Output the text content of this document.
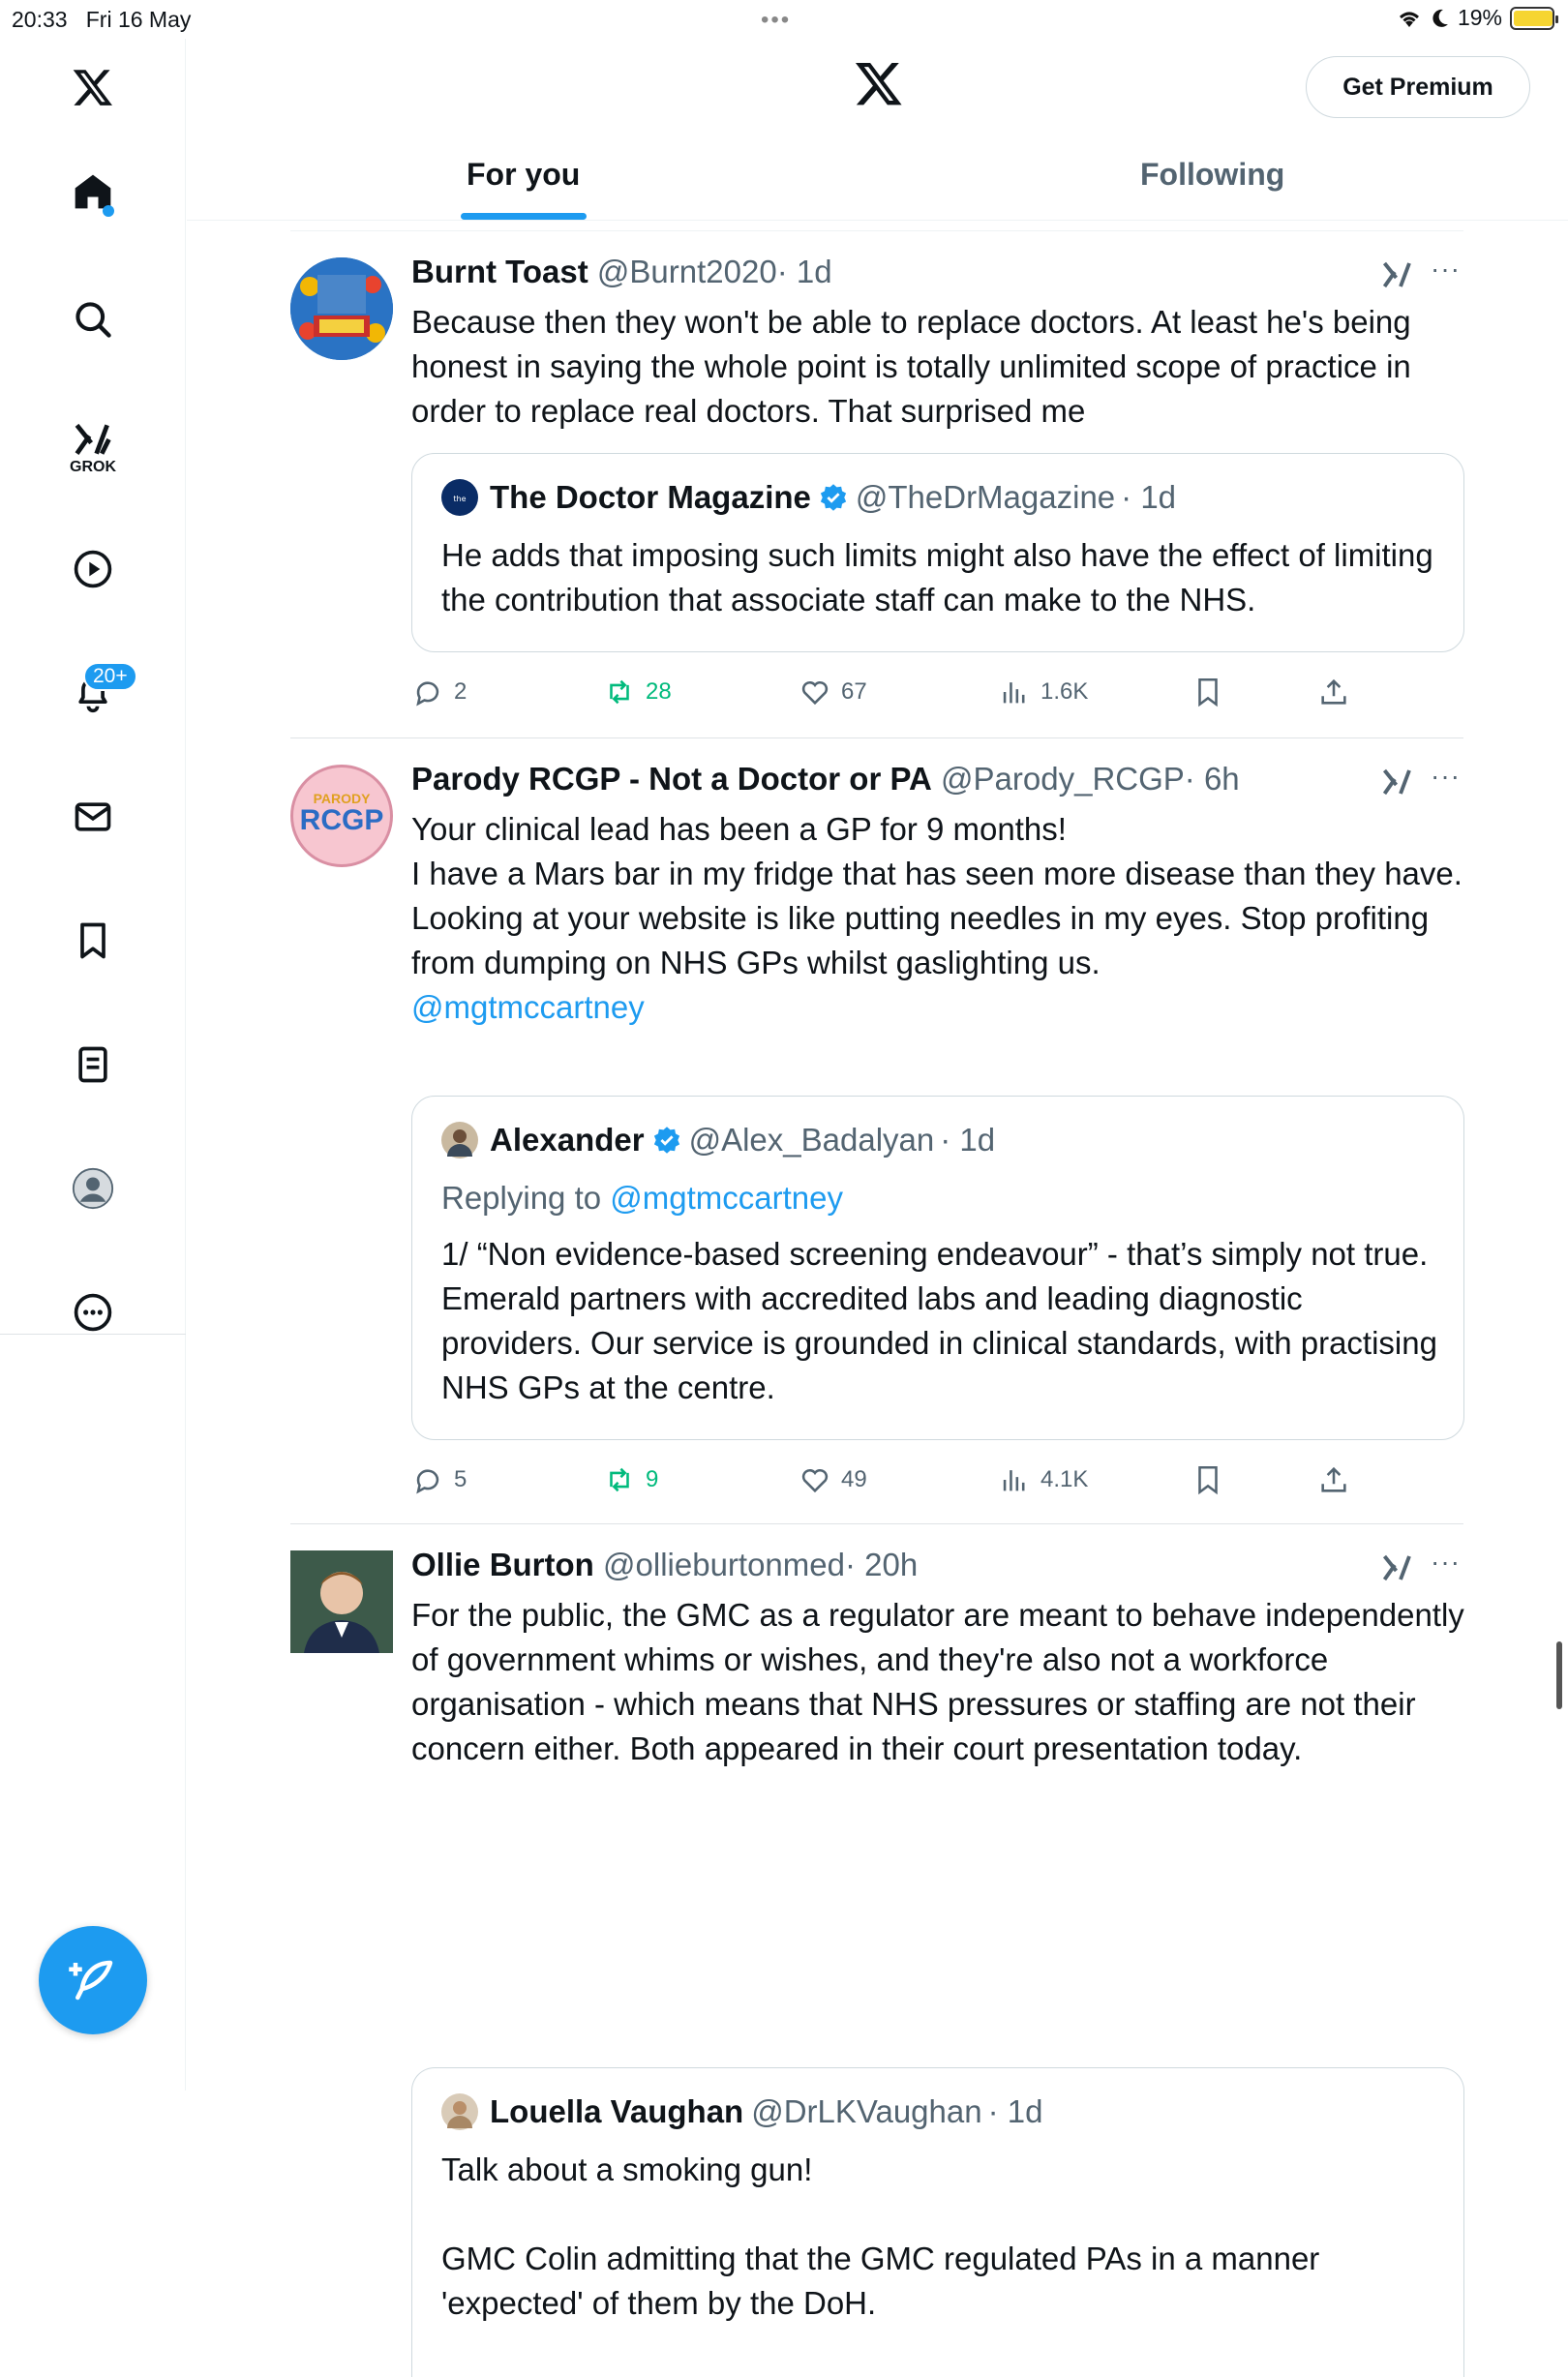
20:33 Fri 16 May	•••	19%
GROK
20+
Get Premium
For you	Following
Burnt Toast @Burnt2020· 1d	···
Because then they won't be able to replace doctors. At least he's being honest in saying the whole point is totally unlimited scope of practice in order to replace real doctors. That surprised me
the The Doctor Magazine @TheDrMagazine · 1d
He adds that imposing such limits might also have the effect of limiting the contribution that associate staff can make to the NHS.
2	28	67	1.6K
PARODY
RCGP
Parody RCGP - Not a Doctor or PA @Parody_RCGP· 6h	···
Your clinical lead has been a GP for 9 months!
I have a Mars bar in my fridge that has seen more disease than they have.
Looking at your website is like putting needles in my eyes. Stop profiting from dumping on NHS GPs whilst gaslighting us.
@mgtmccartney
Alexander @Alex_Badalyan · 1d
Replying to @mgtmccartney
1/ “Non evidence-based screening endeavour” - that’s simply not true. Emerald partners with accredited labs and leading diagnostic providers. Our service is grounded in clinical standards, with practising NHS GPs at the centre.
5	9	49	4.1K
Ollie Burton @ollieburtonmed· 20h	···
For the public, the GMC as a regulator are meant to behave independently of government whims or wishes, and they're also not a workforce organisation - which means that NHS pressures or staffing are not their concern either. Both appeared in their court presentation today.
Louella Vaughan @DrLKVaughan · 1d
Talk about a smoking gun!
GMC Colin admitting that the GMC regulated PAs in a manner 'expected' of them by the DoH.
